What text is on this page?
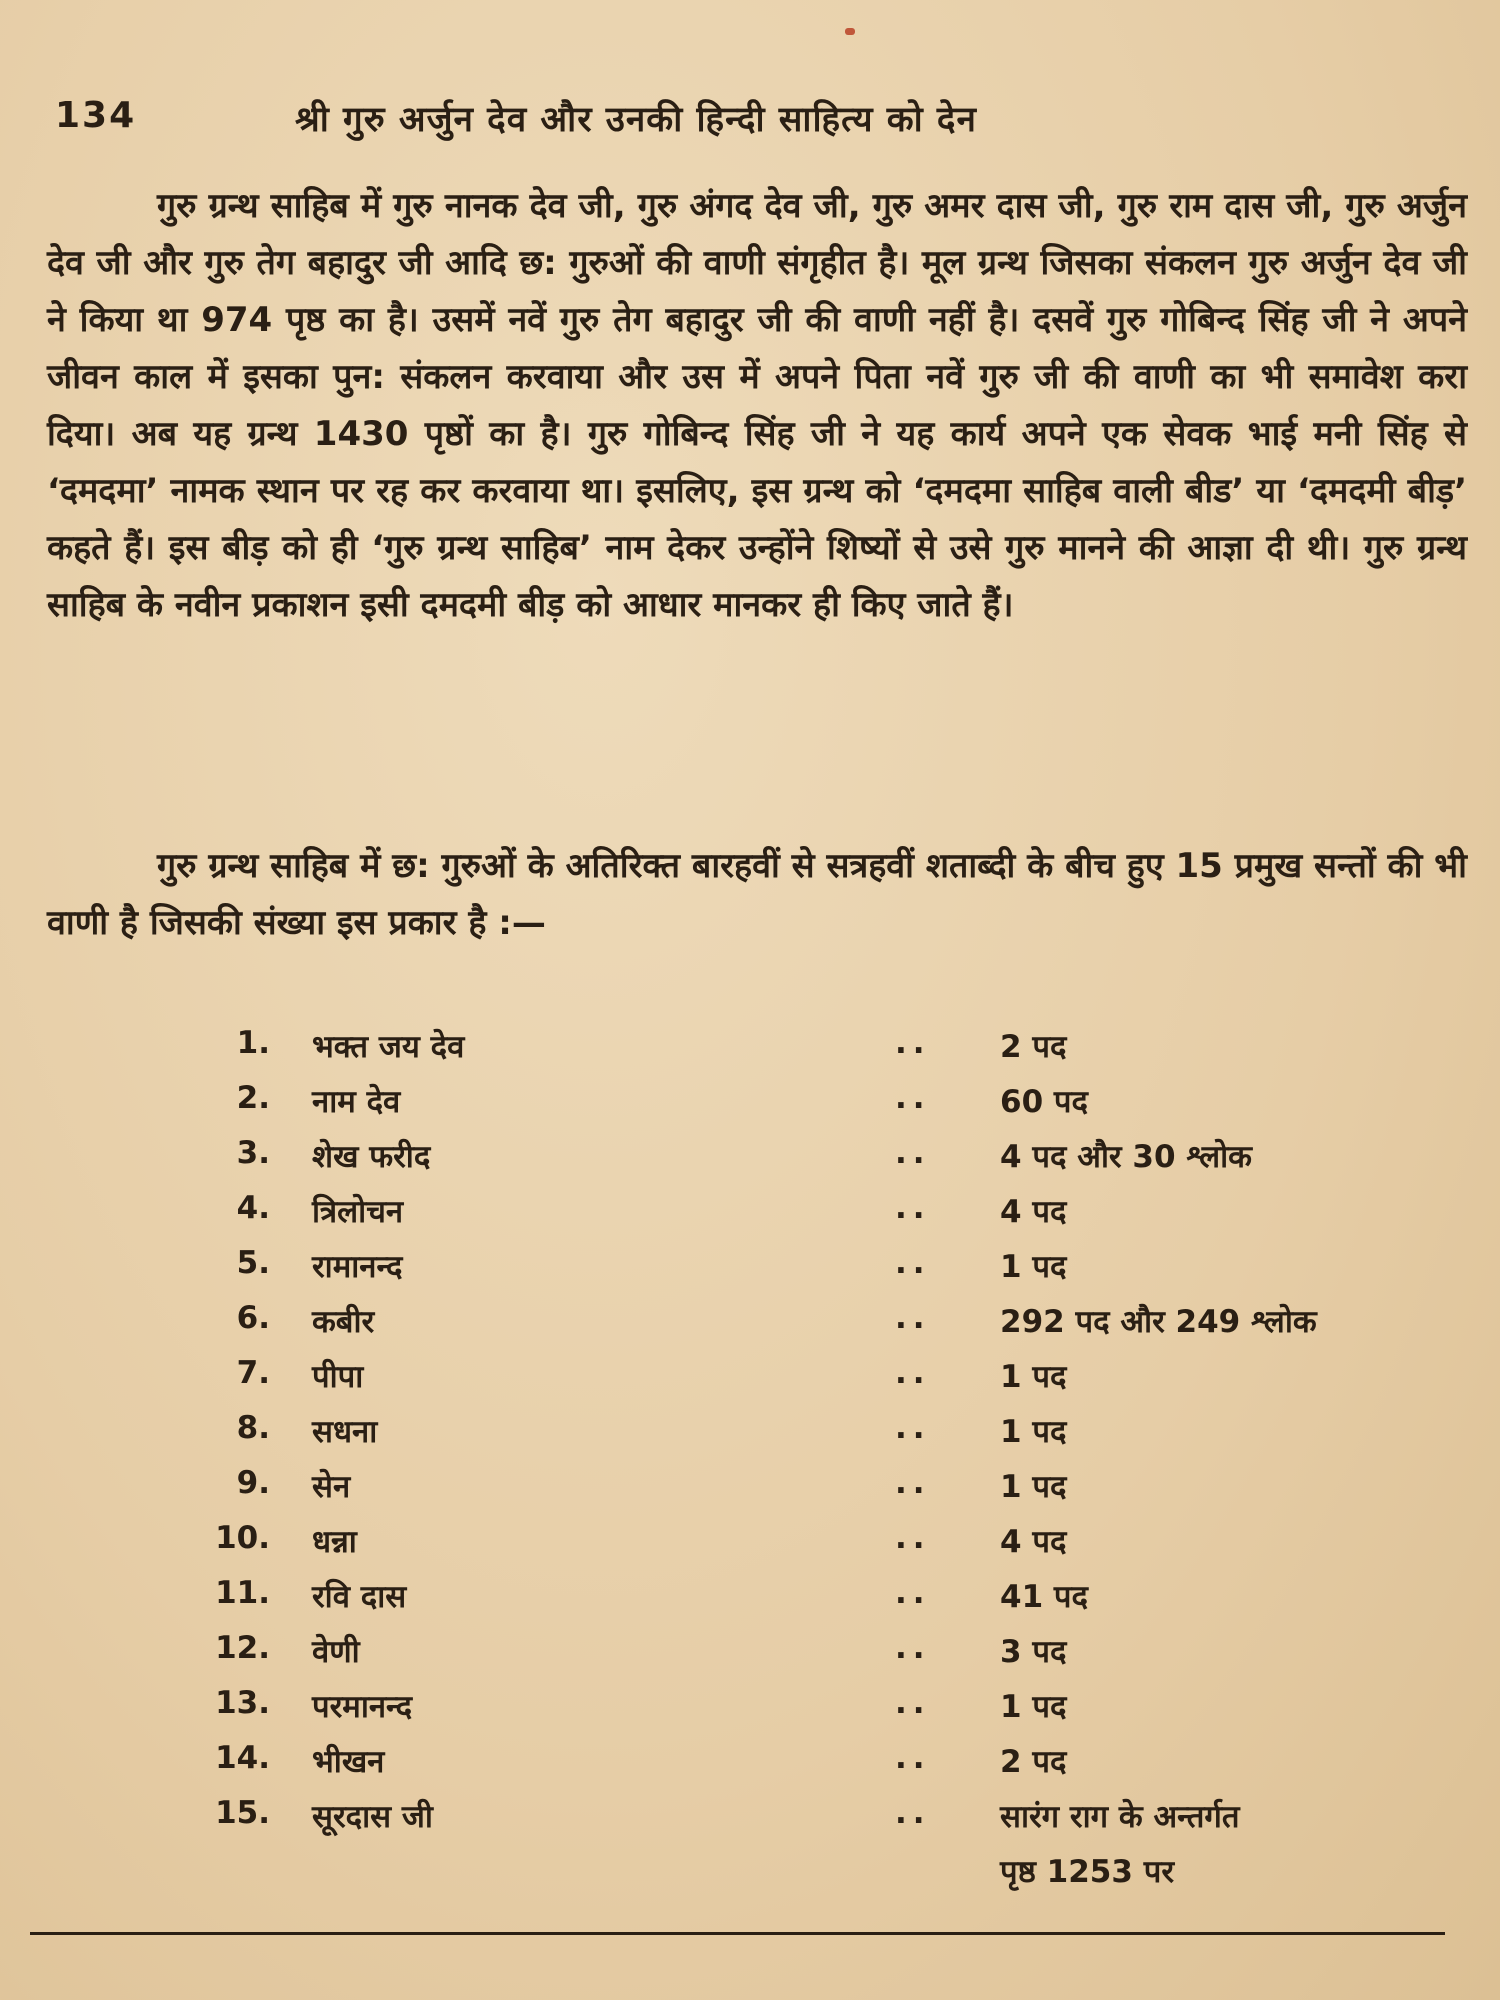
134	श्री गुरु अर्जुन देव और उनकी हिन्दी साहित्य को देन

गुरु ग्रन्थ साहिब में गुरु नानक देव जी, गुरु अंगद देव जी, गुरु अमर दास जी, गुरु राम दास जी, गुरु अर्जुन देव जी और गुरु तेग बहादुर जी आदि छ: गुरुओं की वाणी संगृहीत है। मूल ग्रन्थ जिसका संकलन गुरु अर्जुन देव जी ने किया था 974 पृष्ठ का है। उसमें नवें गुरु तेग बहादुर जी की वाणी नहीं है। दसवें गुरु गोबिन्द सिंह जी ने अपने जीवन काल में इसका पुन: संकलन करवाया और उस में अपने पिता नवें गुरु जी की वाणी का भी समावेश करा दिया। अब यह ग्रन्थ 1430 पृष्ठों का है। गुरु गोबिन्द सिंह जी ने यह कार्य अपने एक सेवक भाई मनी सिंह से ‘दमदमा’ नामक स्थान पर रह कर करवाया था। इसलिए, इस ग्रन्थ को ‘दमदमा साहिब वाली बीड’ या ‘दमदमी बीड़’ कहते हैं। इस बीड़ को ही ‘गुरु ग्रन्थ साहिब’ नाम देकर उन्होंने शिष्यों से उसे गुरु मानने की आज्ञा दी थी। गुरु ग्रन्थ साहिब के नवीन प्रकाशन इसी दमदमी बीड़ को आधार मानकर ही किए जाते हैं।

गुरु ग्रन्थ साहिब में छ: गुरुओं के अतिरिक्त बारहवीं से सत्रहवीं शताब्दी के बीच हुए 15 प्रमुख सन्तों की भी वाणी है जिसकी संख्या इस प्रकार है :—

1. भक्त जय देव	.. 2 पद
2. नाम देव	.. 60 पद
3. शेख फरीद	.. 4 पद और 30 श्लोक
4. त्रिलोचन	.. 4 पद
5. रामानन्द	.. 1 पद
6. कबीर	.. 292 पद और 249 श्लोक
7. पीपा	.. 1 पद
8. सधना	.. 1 पद
9. सेन	.. 1 पद
10. धन्ना	.. 4 पद
11. रवि दास	.. 41 पद
12. वेणी	.. 3 पद
13. परमानन्द	.. 1 पद
14. भीखन	.. 2 पद
15. सूरदास जी	.. सारंग राग के अन्तर्गत
पृष्ठ 1253 पर
